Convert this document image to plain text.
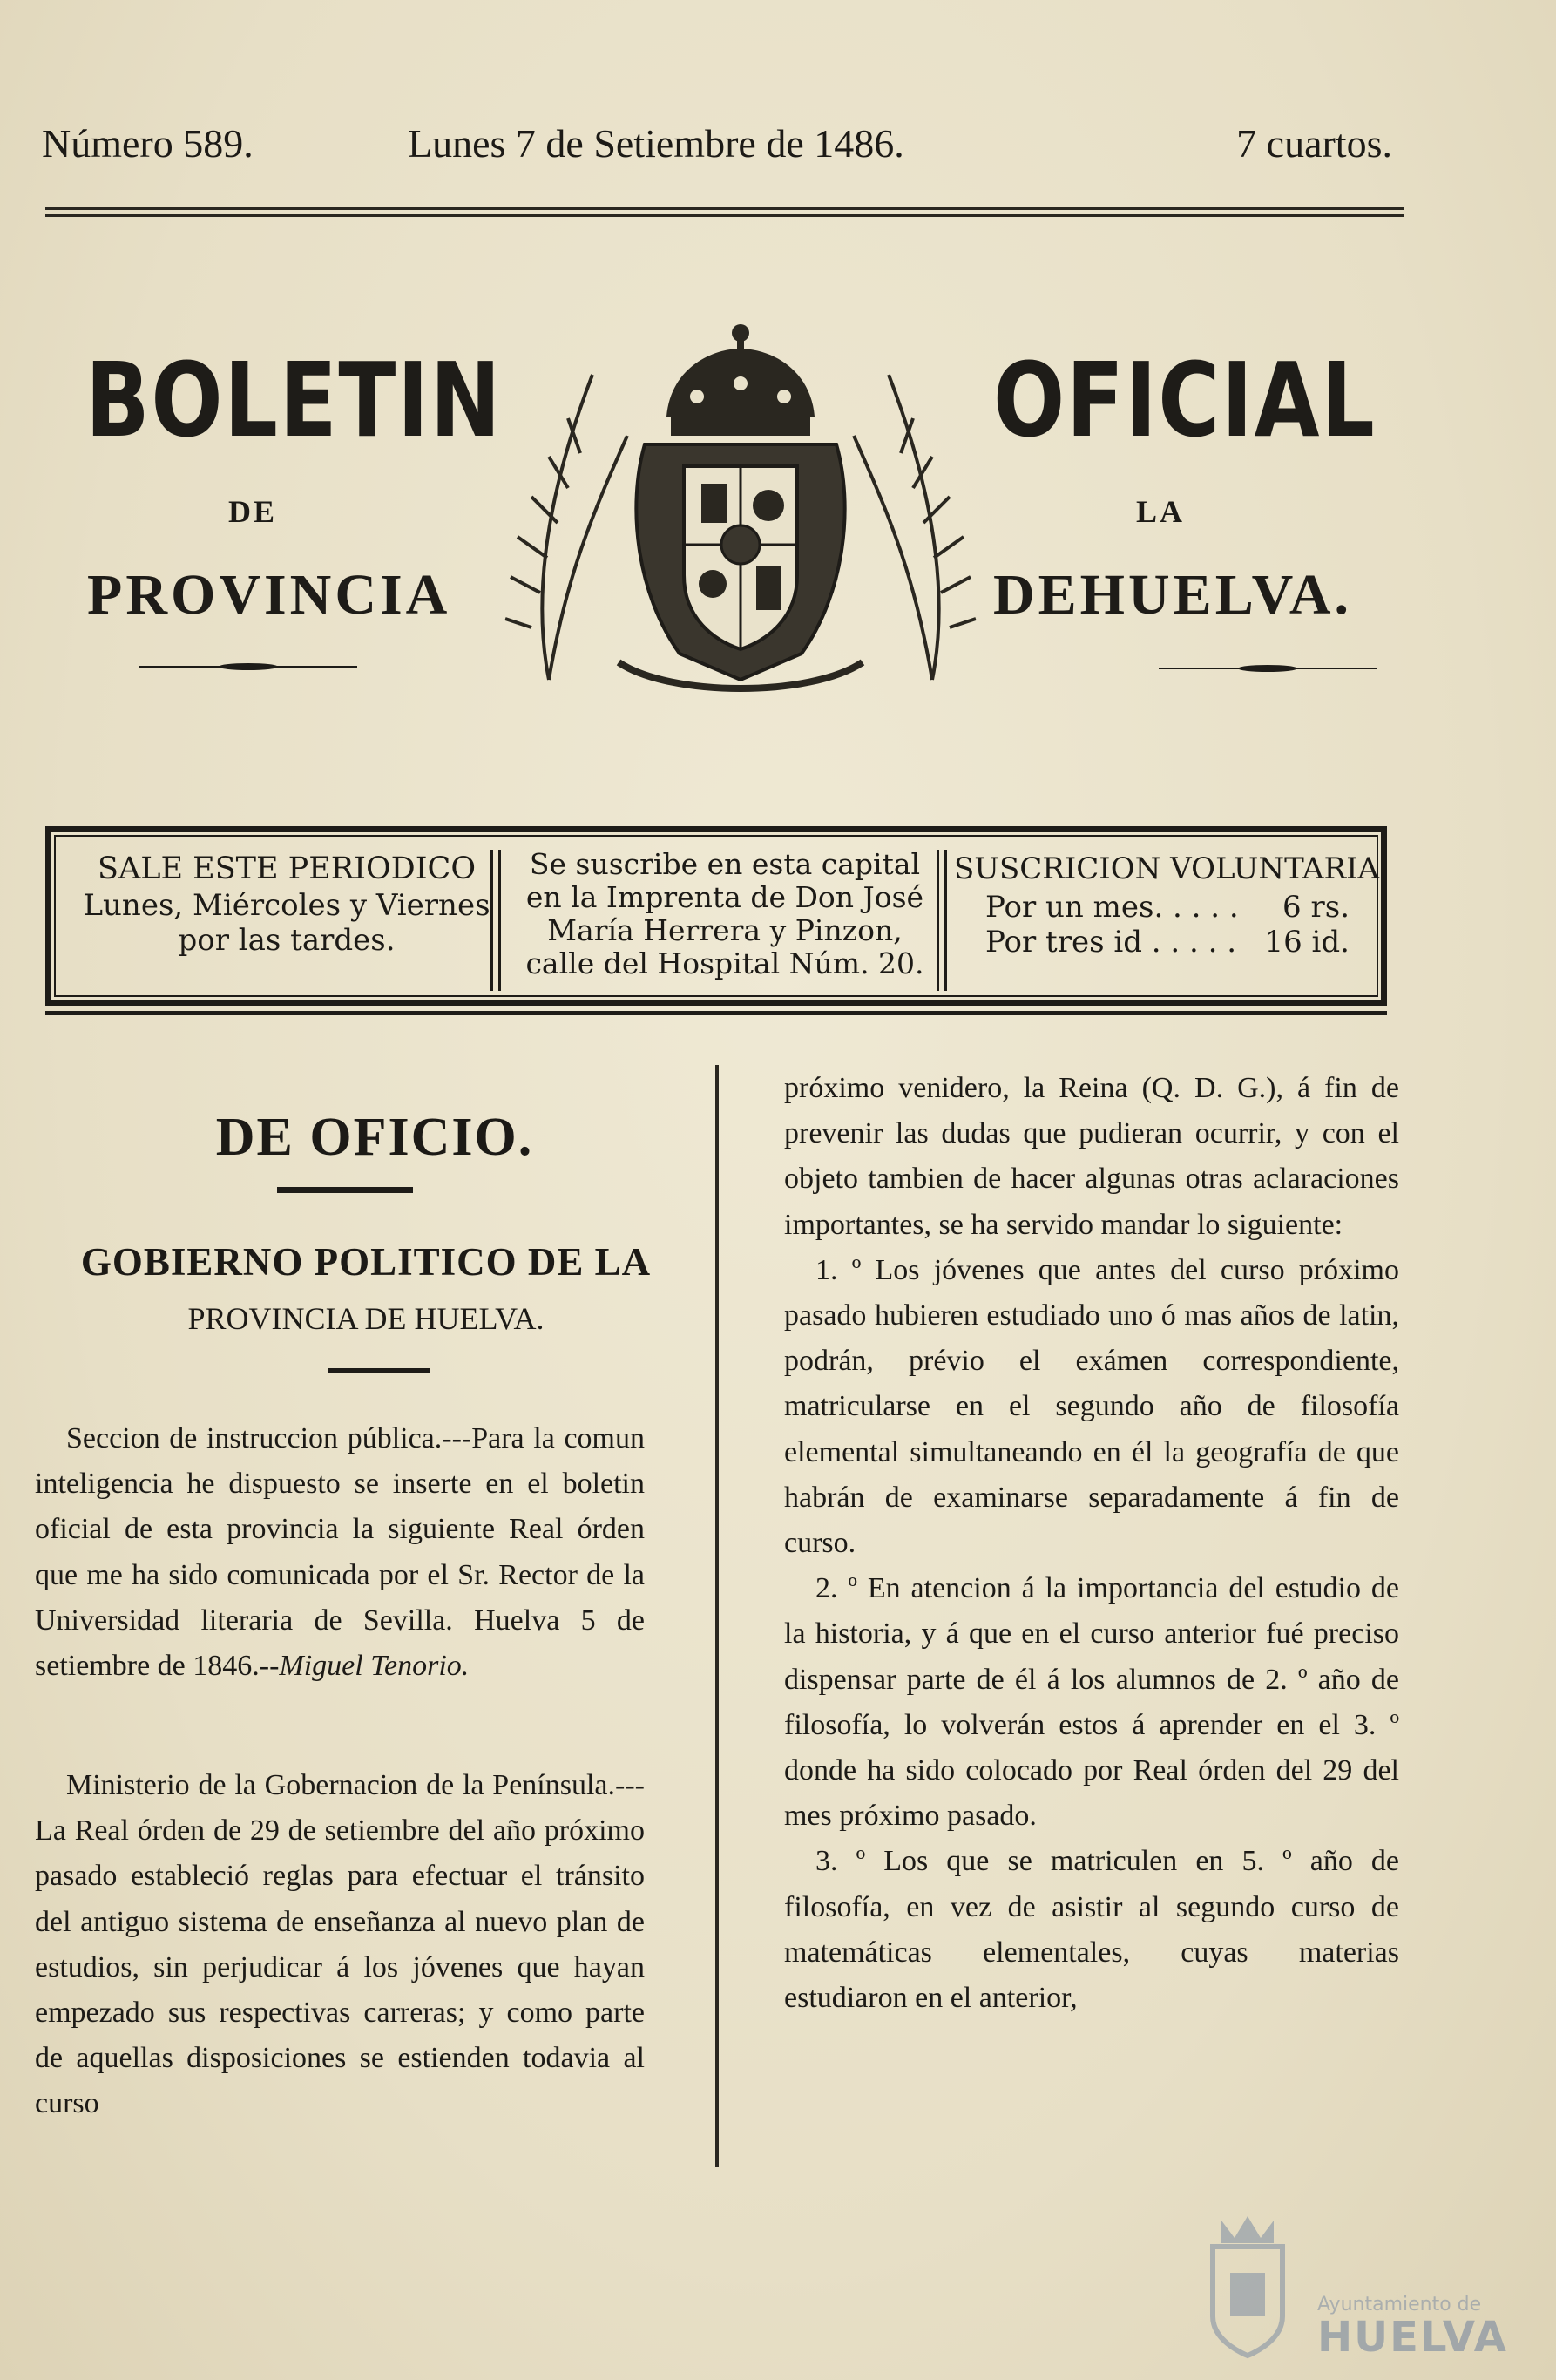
Número 589.	Lunes 7 de Setiembre de 1486.	7 cuartos.
BOLETIN
DE
PROVINCIA
OFICIAL
LA
DEHUELVA.
SALE ESTE PERIODICO
Lunes, Miércoles y Viernes
por las tardes.
Se suscribe en esta capital
en la Imprenta de Don José
María Herrera y Pinzon,
calle del Hospital Núm. 20.
SUSCRICION VOLUNTARIA
Por un mes. . . . . 6 rs.
Por tres id . . . . . 16 id.
DE OFICIO.
GOBIERNO POLITICO DE LA
PROVINCIA DE HUELVA.

Seccion de instruccion pública.---Para la comun inteligencia he dispuesto se inserte en el boletin oficial de esta provincia la siguiente Real órden que me ha sido comunicada por el Sr. Rector de la Universidad literaria de Sevilla. Huelva 5 de setiembre de 1846.--Miguel Tenorio.

Ministerio de la Gobernacion de la Península.---La Real órden de 29 de setiembre del año próximo pasado estableció reglas para efectuar el tránsito del antiguo sistema de enseñanza al nuevo plan de estudios, sin perjudicar á los jóvenes que hayan empezado sus respectivas carreras; y como parte de aquellas disposiciones se estienden todavia al curso

próximo venidero, la Reina (Q. D. G.), á fin de prevenir las dudas que pudieran ocurrir, y con el objeto tambien de hacer algunas otras aclaraciones importantes, se ha servido mandar lo siguiente:

1. º Los jóvenes que antes del curso próximo pasado hubieren estudiado uno ó mas años de latin, podrán, prévio el exámen correspondiente, matricularse en el segundo año de filosofía elemental simultaneando en él la geografía de que habrán de examinarse separadamente á fin de curso.

2. º En atencion á la importancia del estudio de la historia, y á que en el curso anterior fué preciso dispensar parte de él á los alumnos de 2. º año de filosofía, lo volverán estos á aprender en el 3. º donde ha sido colocado por Real órden del 29 del mes próximo pasado.

3. º Los que se matriculen en 5. º año de filosofía, en vez de asistir al segundo curso de matemáticas elementales, cuyas materias estudiaron en el anterior,

Ayuntamiento de
HUELVA
